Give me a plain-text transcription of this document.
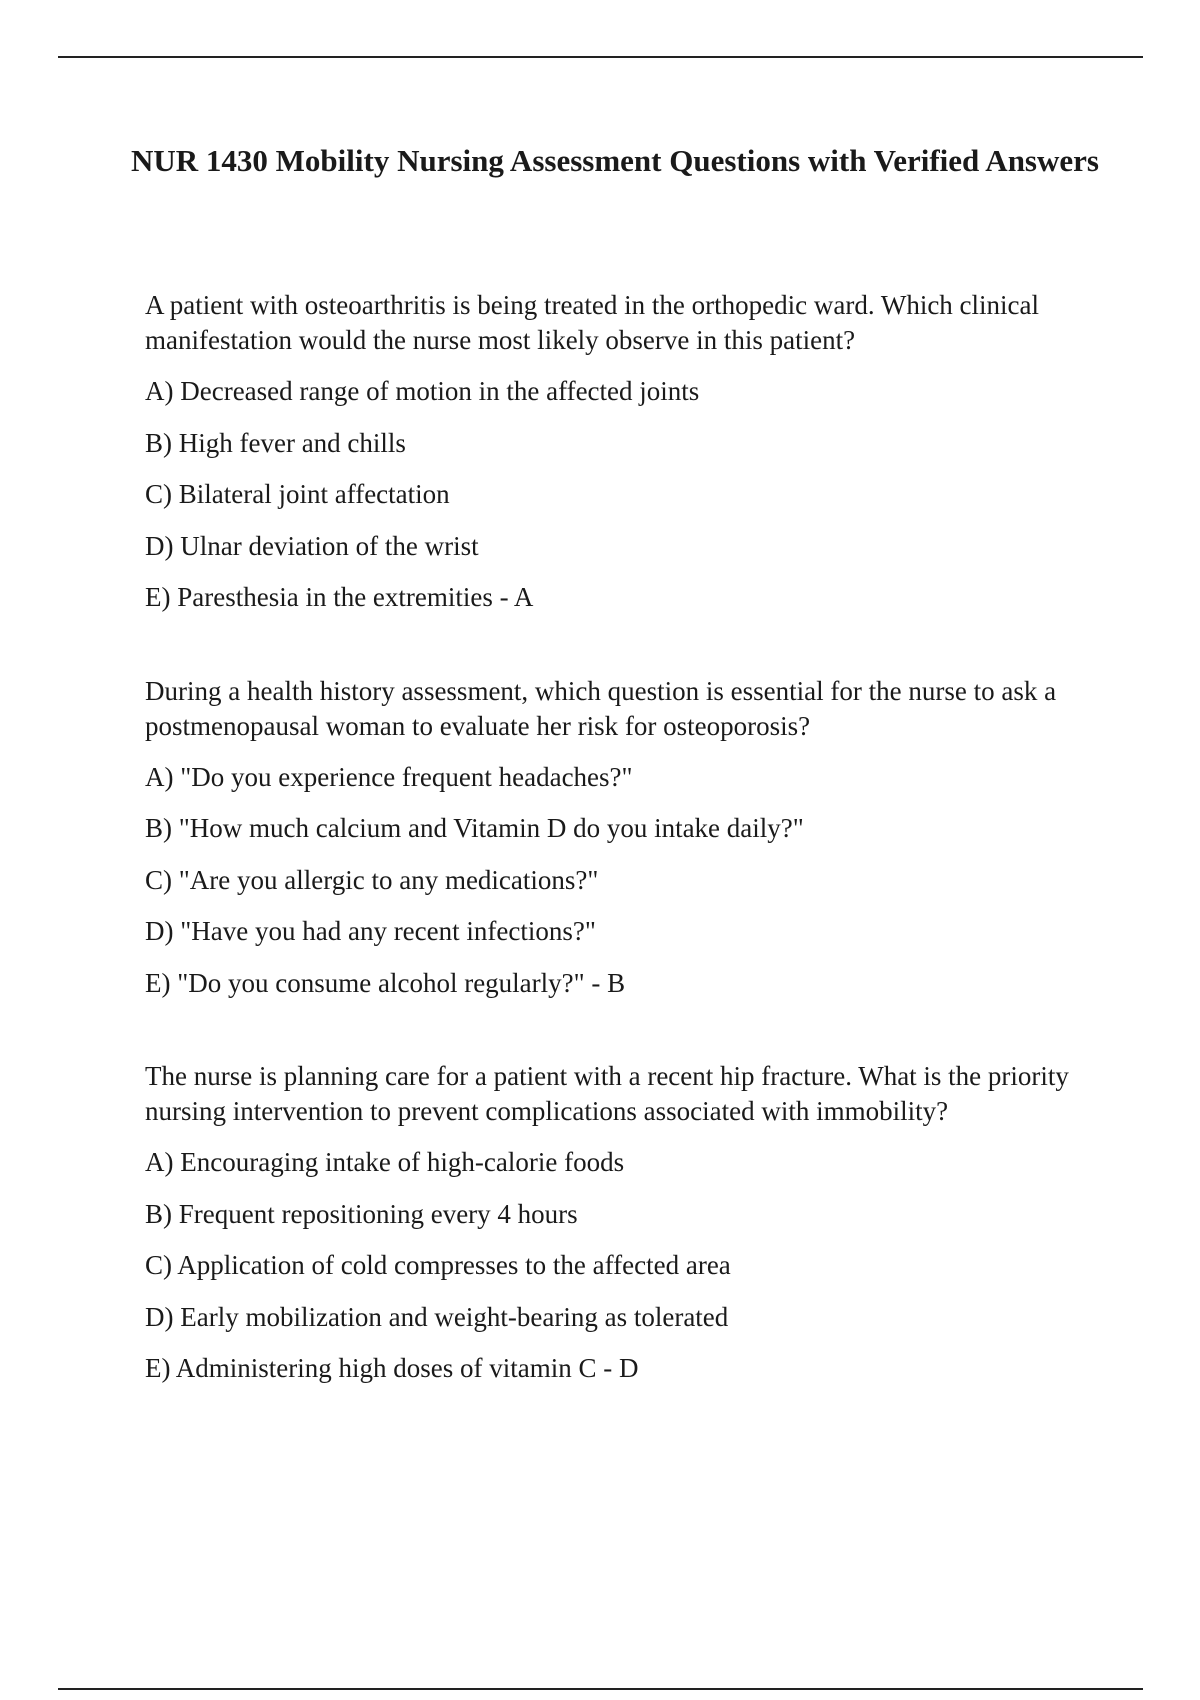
NUR 1430 Mobility Nursing Assessment Questions with Verified Answers

A patient with osteoarthritis is being treated in the orthopedic ward. Which clinical manifestation would the nurse most likely observe in this patient?

A) Decreased range of motion in the affected joints
B) High fever and chills
C) Bilateral joint affectation
D) Ulnar deviation of the wrist
E) Paresthesia in the extremities - A

During a health history assessment, which question is essential for the nurse to ask a postmenopausal woman to evaluate her risk for osteoporosis?

A) "Do you experience frequent headaches?"
B) "How much calcium and Vitamin D do you intake daily?"
C) "Are you allergic to any medications?"
D) "Have you had any recent infections?"
E) "Do you consume alcohol regularly?" - B

The nurse is planning care for a patient with a recent hip fracture. What is the priority nursing intervention to prevent complications associated with immobility?

A) Encouraging intake of high-calorie foods
B) Frequent repositioning every 4 hours
C) Application of cold compresses to the affected area
D) Early mobilization and weight-bearing as tolerated
E) Administering high doses of vitamin C - D
